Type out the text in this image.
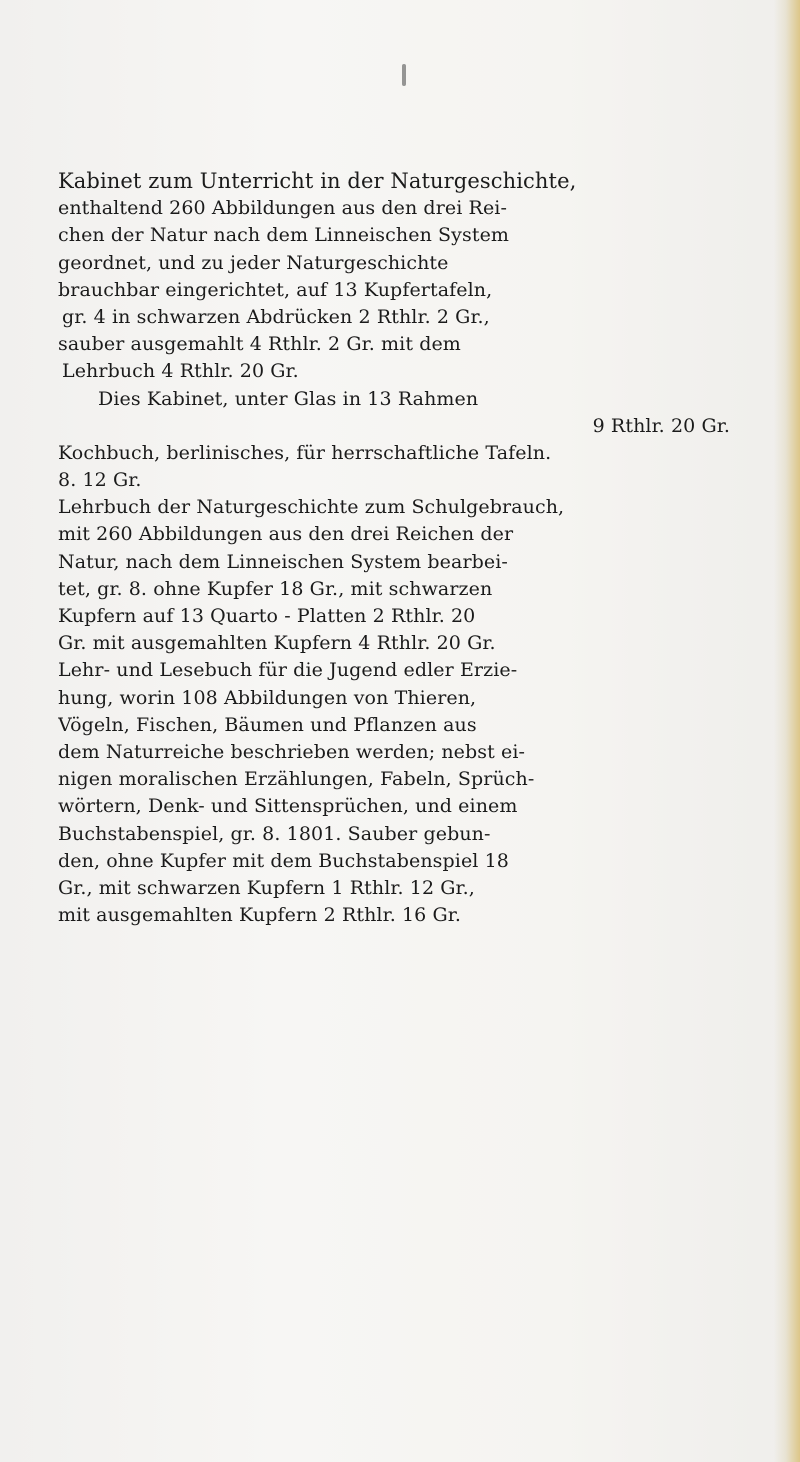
Kabinet zum Unterricht in der Naturgeschichte,
enthaltend 260 Abbildungen aus den drei Rei-
chen der Natur nach dem Linneischen System
geordnet, und zu jeder Naturgeschichte
brauchbar eingerichtet, auf 13 Kupfertafeln,
gr. 4 in schwarzen Abdrücken 2 Rthlr. 2 Gr.,
sauber ausgemahlt 4 Rthlr. 2 Gr. mit dem
Lehrbuch 4 Rthlr. 20 Gr.
Dies Kabinet, unter Glas in 13 Rahmen
9 Rthlr. 20 Gr.
Kochbuch, berlinisches, für herrschaftliche Tafeln.
8. 12 Gr.
Lehrbuch der Naturgeschichte zum Schulgebrauch,
mit 260 Abbildungen aus den drei Reichen der
Natur, nach dem Linneischen System bearbei-
tet, gr. 8. ohne Kupfer 18 Gr., mit schwarzen
Kupfern auf 13 Quarto - Platten 2 Rthlr. 20
Gr. mit ausgemahlten Kupfern 4 Rthlr. 20 Gr.
Lehr- und Lesebuch für die Jugend edler Erzie-
hung, worin 108 Abbildungen von Thieren,
Vögeln, Fischen, Bäumen und Pflanzen aus
dem Naturreiche beschrieben werden; nebst ei-
nigen moralischen Erzählungen, Fabeln, Sprüch-
wörtern, Denk- und Sittensprüchen, und einem
Buchstabenspiel, gr. 8. 1801. Sauber gebun-
den, ohne Kupfer mit dem Buchstabenspiel 18
Gr., mit schwarzen Kupfern 1 Rthlr. 12 Gr.,
mit ausgemahlten Kupfern 2 Rthlr. 16 Gr.
